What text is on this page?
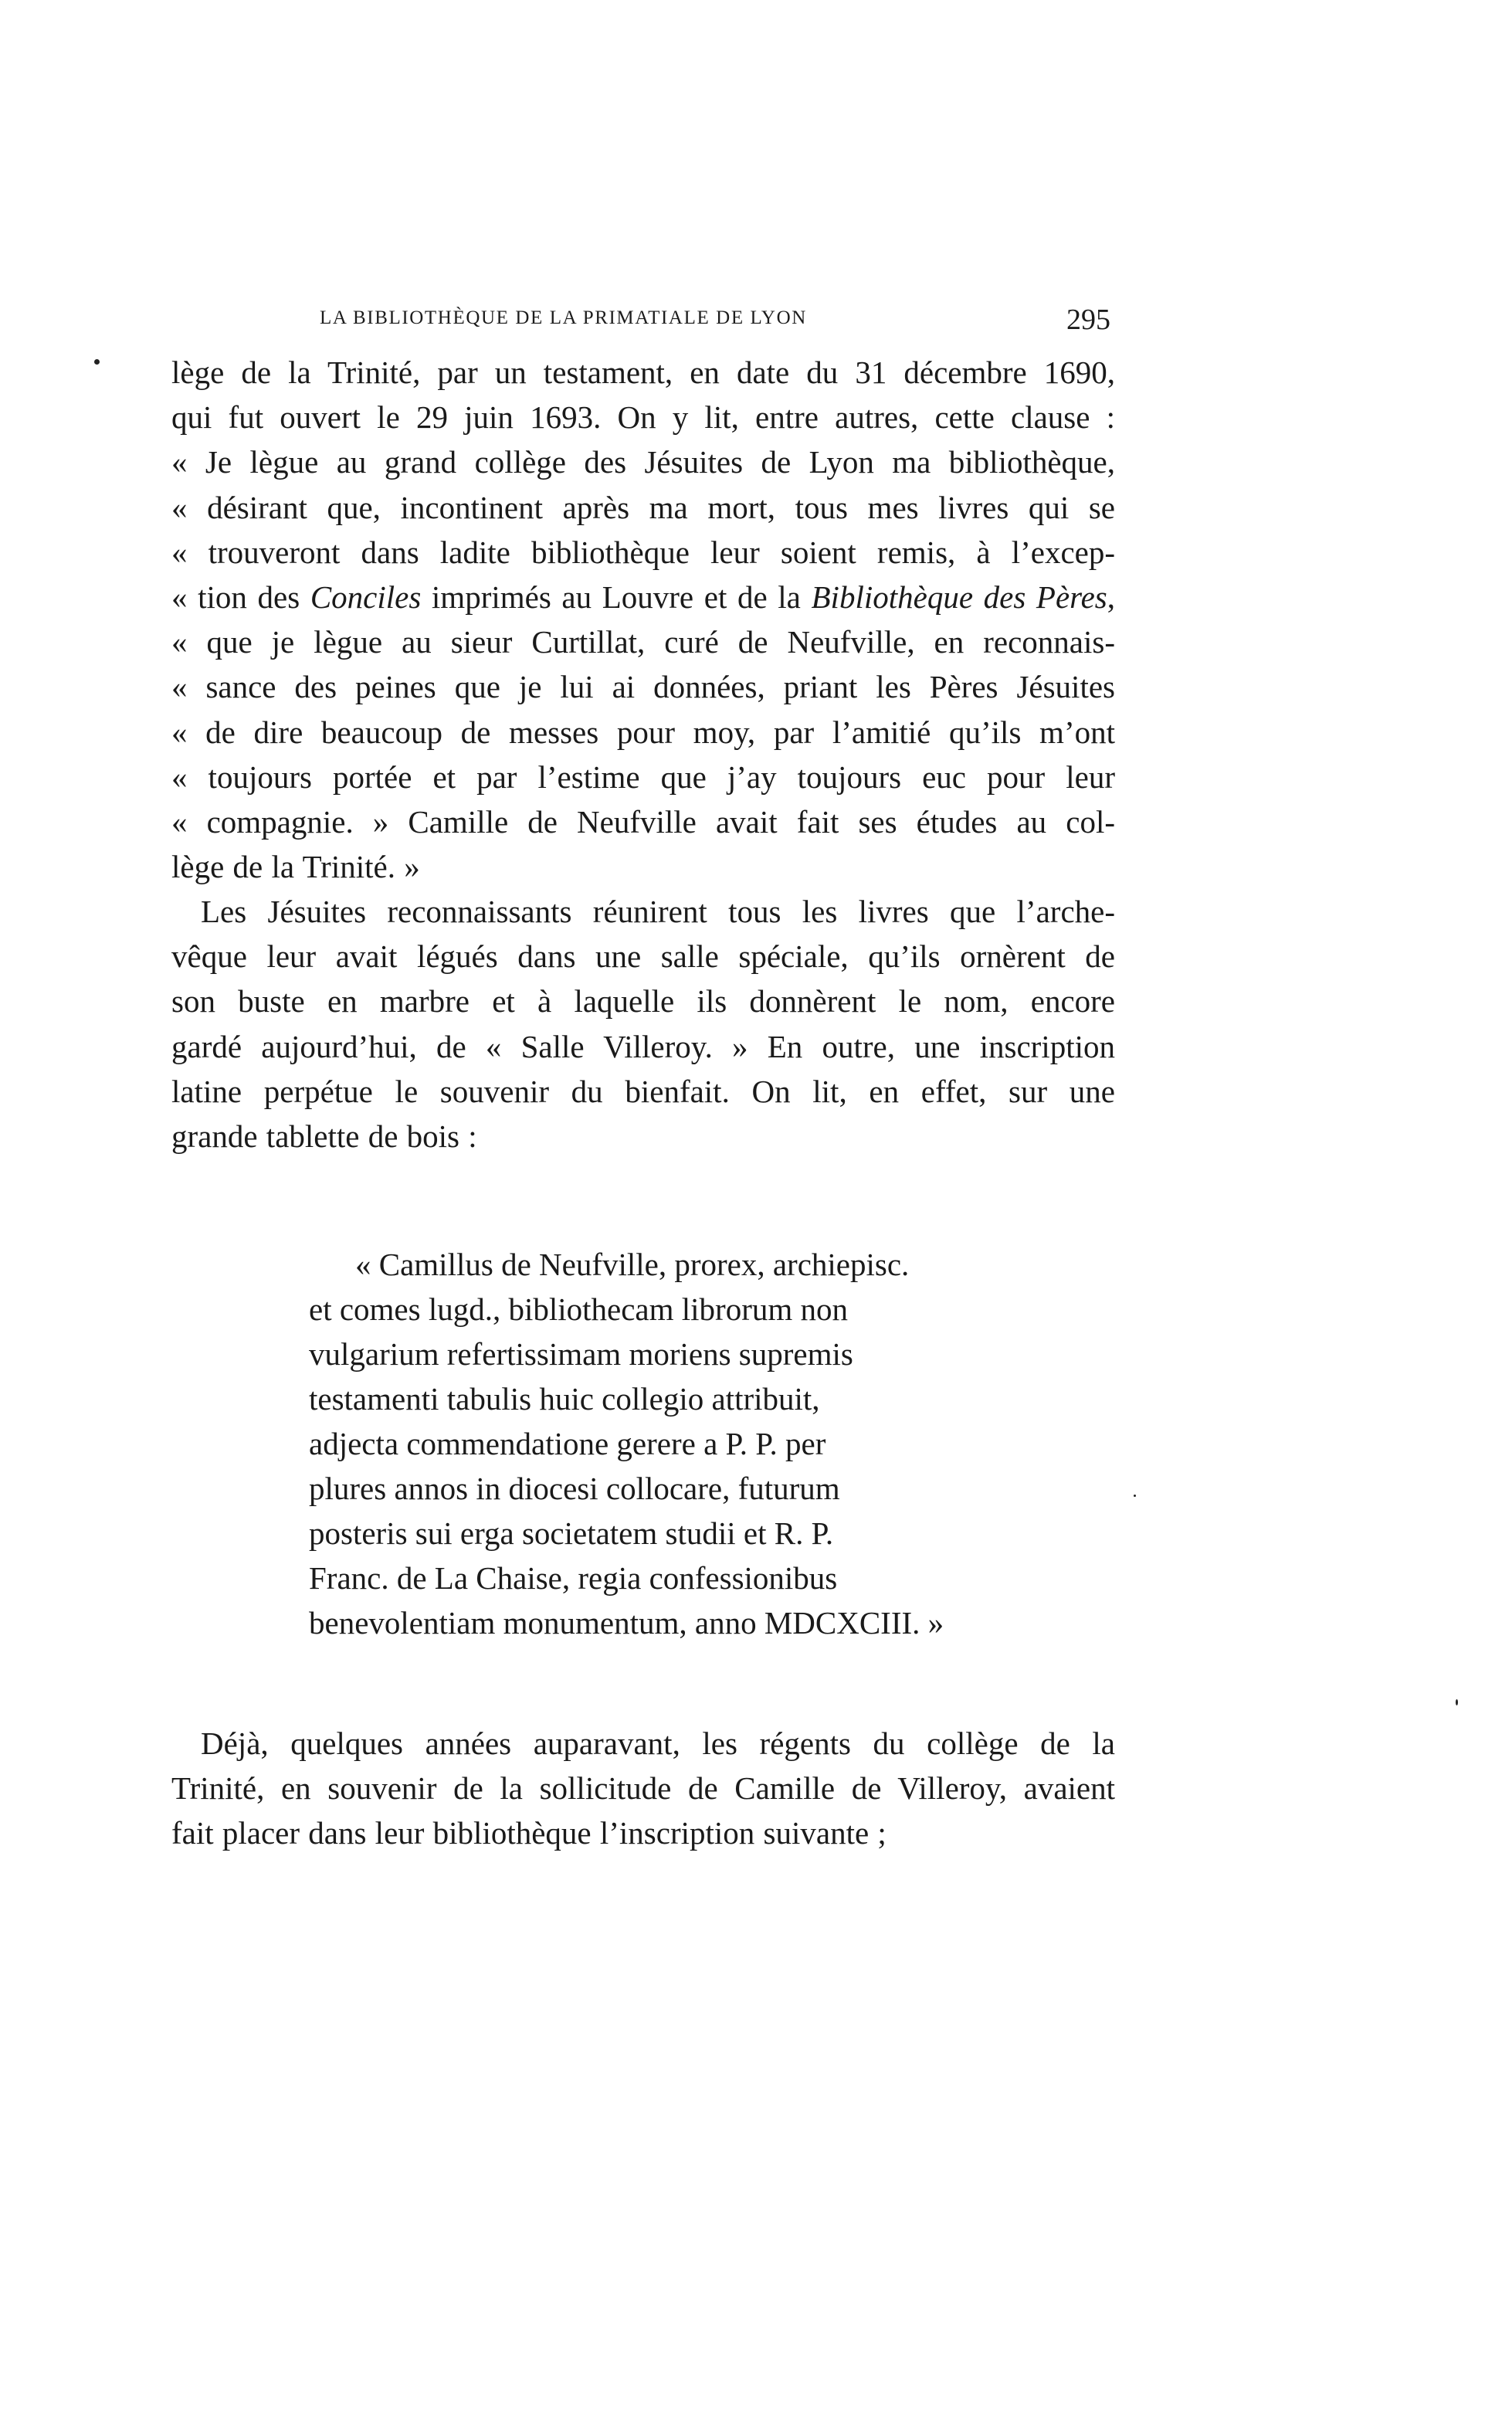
LA BIBLIOTHÈQUE DE LA PRIMATIALE DE LYON	295
lège de la Trinité, par un testament, en date du 31 décembre 1690,
qui fut ouvert le 29 juin 1693. On y lit, entre autres, cette clause :
« Je lègue au grand collège des Jésuites de Lyon ma bibliothèque,
« désirant que, incontinent après ma mort, tous mes livres qui se
« trouveront dans ladite bibliothèque leur soient remis, à l’excep-
« tion des Conciles imprimés au Louvre et de la Bibliothèque des Pères,
« que je lègue au sieur Curtillat, curé de Neufville, en reconnais-
« sance des peines que je lui ai données, priant les Pères Jésuites
« de dire beaucoup de messes pour moy, par l’amitié qu’ils m’ont
« toujours portée et par l’estime que j’ay toujours euc pour leur
« compagnie. » Camille de Neufville avait fait ses études au col-
lège de la Trinité. »
Les Jésuites reconnaissants réunirent tous les livres que l’arche-
vêque leur avait légués dans une salle spéciale, qu’ils ornèrent de
son buste en marbre et à laquelle ils donnèrent le nom, encore
gardé aujourd’hui, de « Salle Villeroy. » En outre, une inscription
latine perpétue le souvenir du bienfait. On lit, en effet, sur une
grande tablette de bois :
« Camillus de Neufville, prorex, archiepisc.
et comes lugd., bibliothecam librorum non
vulgarium refertissimam moriens supremis
testamenti tabulis huic collegio attribuit,
adjecta commendatione gerere a P. P. per
plures annos in diocesi collocare, futurum
posteris sui erga societatem studii et R. P.
Franc. de La Chaise, regia confessionibus
benevolentiam monumentum, anno MDCXCIII. »
Déjà, quelques années auparavant, les régents du collège de la
Trinité, en souvenir de la sollicitude de Camille de Villeroy, avaient
fait placer dans leur bibliothèque l’inscription suivante ;
